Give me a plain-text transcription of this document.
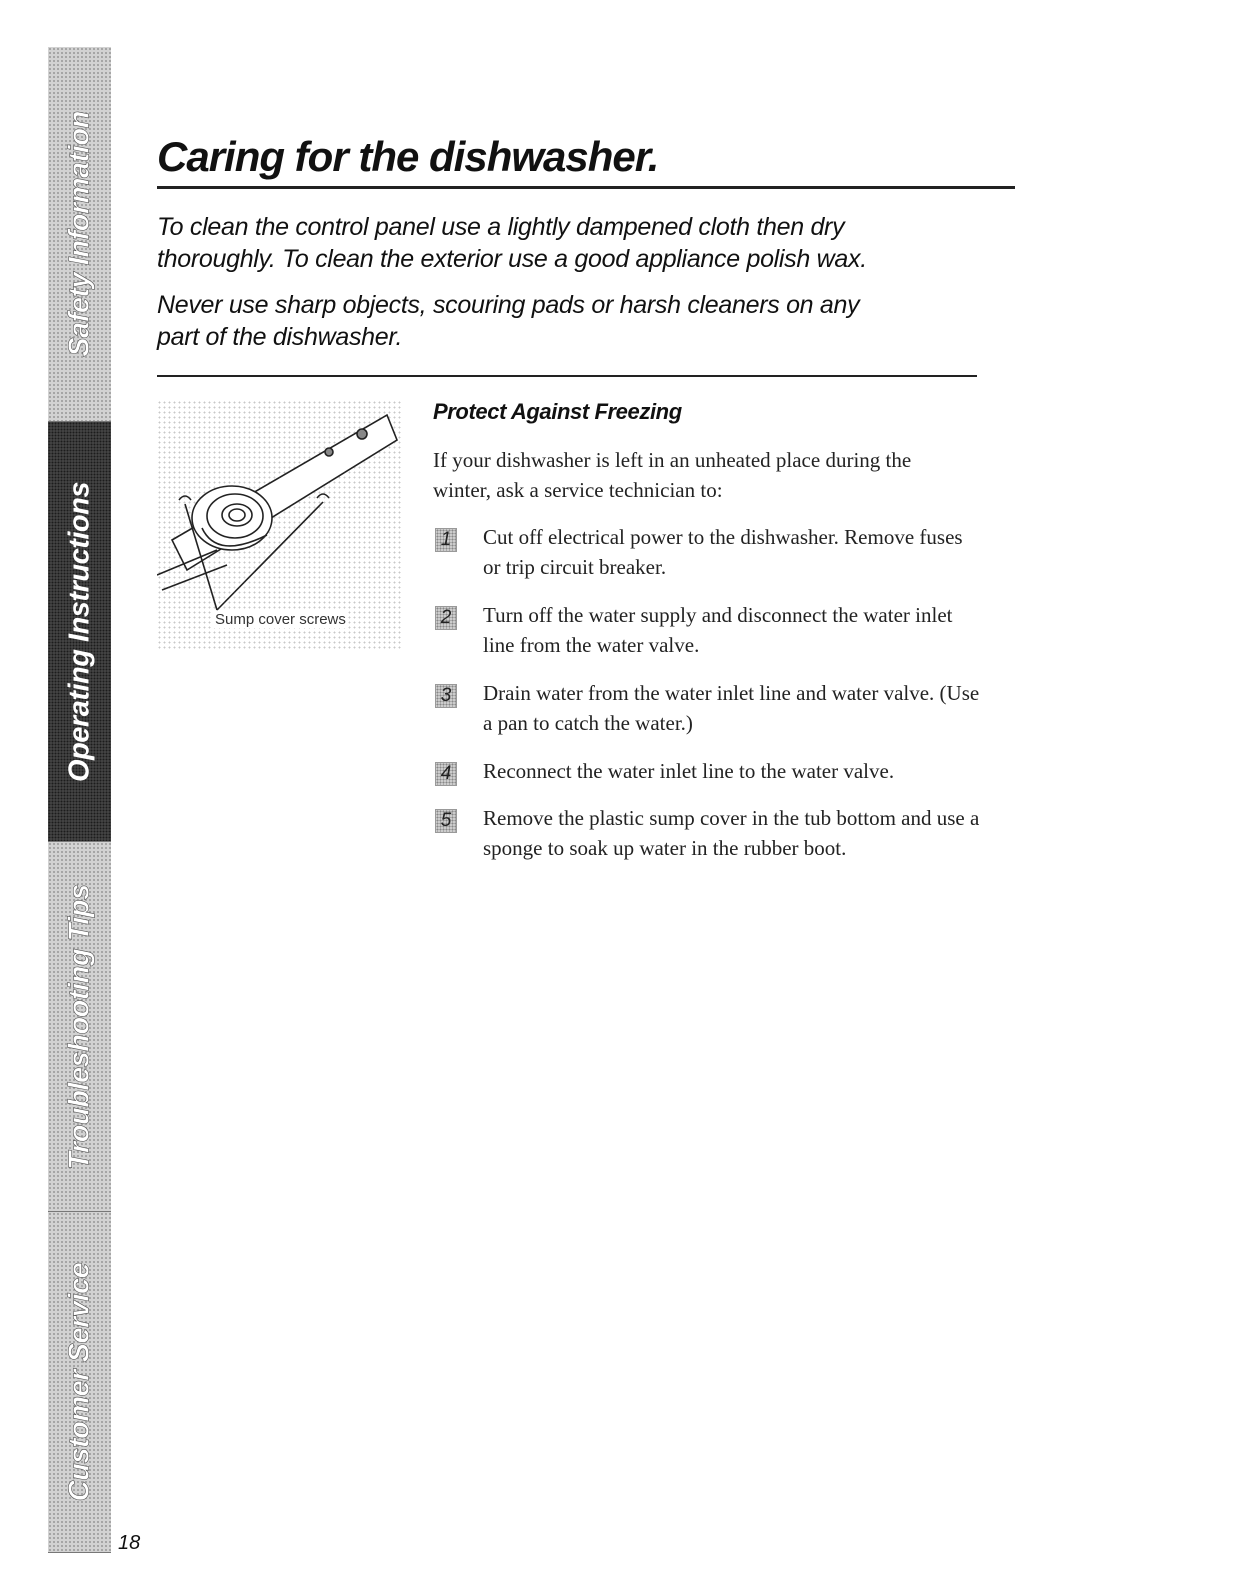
Safety Information
Operating Instructions
Troubleshooting Tips
Customer Service
18
Caring for the dishwasher.

To clean the control panel use a lightly dampened cloth then dry thoroughly. To clean the exterior use a good appliance polish wax.

Never use sharp objects, scouring pads or harsh cleaners on any part of the dishwasher.

Sump cover screws
Protect Against Freezing

If your dishwasher is left in an unheated place during the winter, ask a service technician to:

1 Cut off electrical power to the dishwasher. Remove fuses or trip circuit breaker.

2 Turn off the water supply and disconnect the water inlet line from the water valve.

3 Drain water from the water inlet line and water valve. (Use a pan to catch the water.)

4 Reconnect the water inlet line to the water valve.

5 Remove the plastic sump cover in the tub bottom and use a sponge to soak up water in the rubber boot.
